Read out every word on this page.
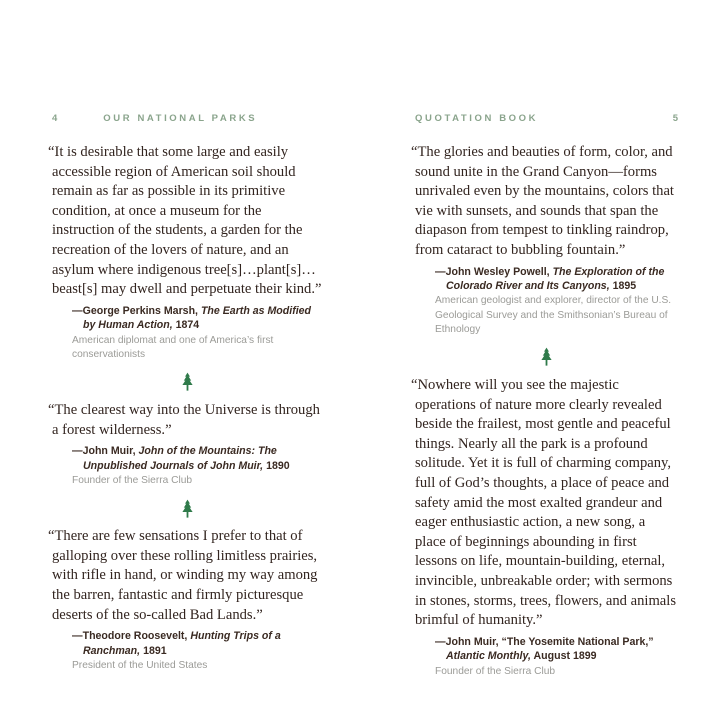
4	OUR NATIONAL PARKS

“It is desirable that some large and easily accessible region of American soil should remain as far as possible in its primitive condition, at once a museum for the instruction of the students, a garden for the recreation of the lovers of nature, and an asylum where indigenous tree[s]…plant[s]…beast[s] may dwell and perpetuate their kind.”

—George Perkins Marsh, The Earth as Modified by Human Action, 1874
American diplomat and one of America’s first conservationists

“The clearest way into the Universe is through a forest wilderness.”

—John Muir, John of the Mountains: The Unpublished Journals of John Muir, 1890
Founder of the Sierra Club

“There are few sensations I prefer to that of galloping over these rolling limitless prairies, with rifle in hand, or winding my way among the barren, fantastic and firmly picturesque deserts of the so-called Bad Lands.”

—Theodore Roosevelt, Hunting Trips of a Ranchman, 1891
President of the United States
QUOTATION BOOK	5

“The glories and beauties of form, color, and sound unite in the Grand Canyon—forms unrivaled even by the mountains, colors that vie with sunsets, and sounds that span the diapason from tempest to tinkling raindrop, from cataract to bubbling fountain.”

—John Wesley Powell, The Exploration of the Colorado River and Its Canyons, 1895
American geologist and explorer, director of the U.S. Geological Survey and the Smithsonian’s Bureau of Ethnology

“Nowhere will you see the majestic operations of nature more clearly revealed beside the frailest, most gentle and peaceful things. Nearly all the park is a profound solitude. Yet it is full of charming company, full of God’s thoughts, a place of peace and safety amid the most exalted grandeur and eager enthusiastic action, a new song, a place of beginnings abounding in first lessons on life, mountain-building, eternal, invincible, unbreakable order; with sermons in stones, storms, trees, flowers, and animals brimful of humanity.”

—John Muir, “The Yosemite National Park,” Atlantic Monthly, August 1899
Founder of the Sierra Club
